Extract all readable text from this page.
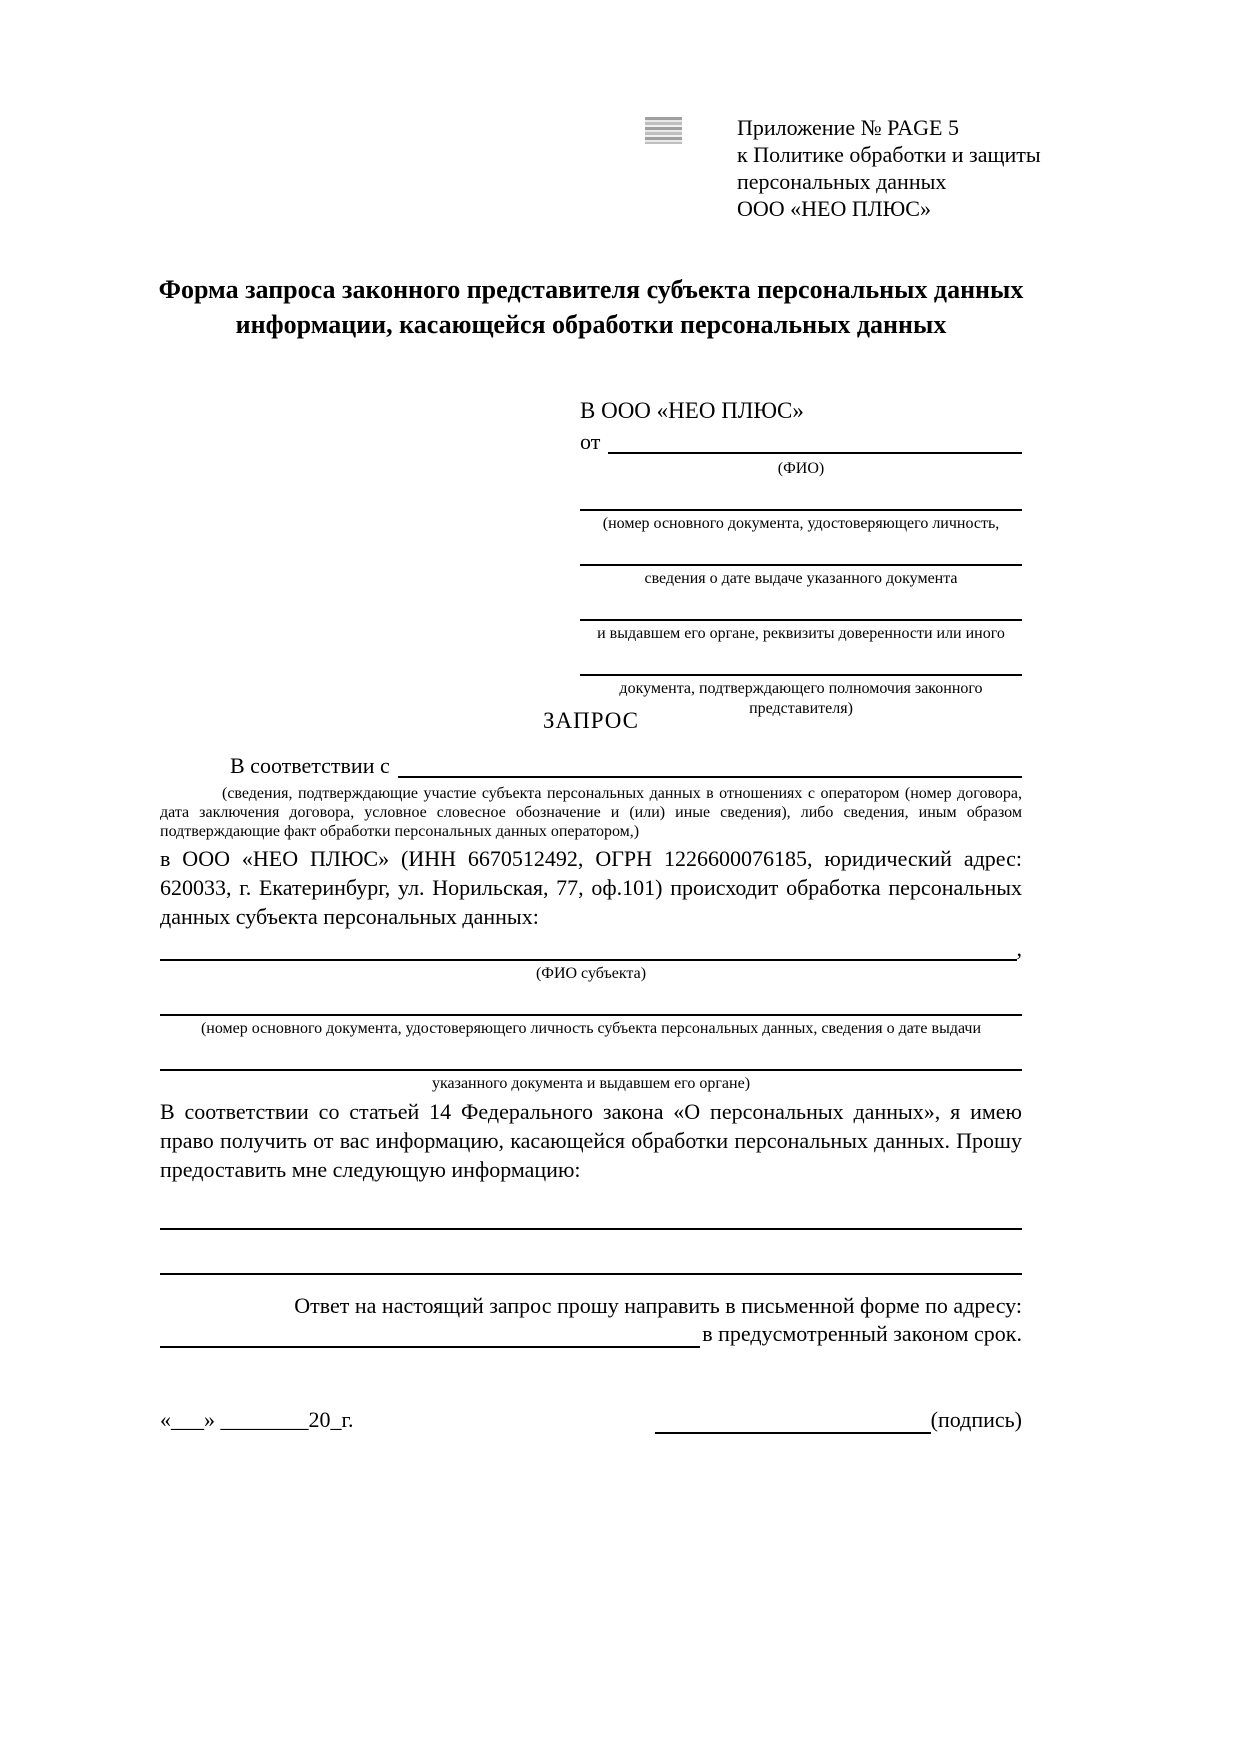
Приложение № PAGE 5
к Политике обработки и защиты
персональных данных
ООО «НЕО ПЛЮС»
Форма запроса законного представителя субъекта персональных данных
информации, касающейся обработки персональных данных
В ООО «НЕО ПЛЮС»
от
(ФИО)
(номер основного документа, удостоверяющего личность,
сведения о дате выдаче указанного документа
и выдавшем его органе, реквизиты доверенности или иного
документа, подтверждающего полномочия законного представителя)
ЗАПРОС
В соответствии с

(сведения, подтверждающие участие субъекта персональных данных в отношениях с оператором (номер договора, дата заключения договора, условное словесное обозначение и (или) иные сведения), либо сведения, иным образом подтверждающие факт обработки персональных данных оператором,)

в ООО «НЕО ПЛЮС» (ИНН 6670512492, ОГРН 1226600076185, юридический адрес: 620033, г. Екатеринбург, ул. Норильская, 77, оф.101) происходит обработка персональных данных субъекта персональных данных:

,
(ФИО субъекта)
(номер основного документа, удостоверяющего личность субъекта персональных данных, сведения о дате выдачи
указанного документа и выдавшем его органе)

В соответствии со статьей 14 Федерального закона «О персональных данных», я имею право получить от вас информацию, касающейся обработки персональных данных. Прошу предоставить мне следующую информацию:

Ответ на настоящий запрос прошу направить в письменной форме по адресу:
в предусмотренный законом срок.
«___» ________20_г.	(подпись)
